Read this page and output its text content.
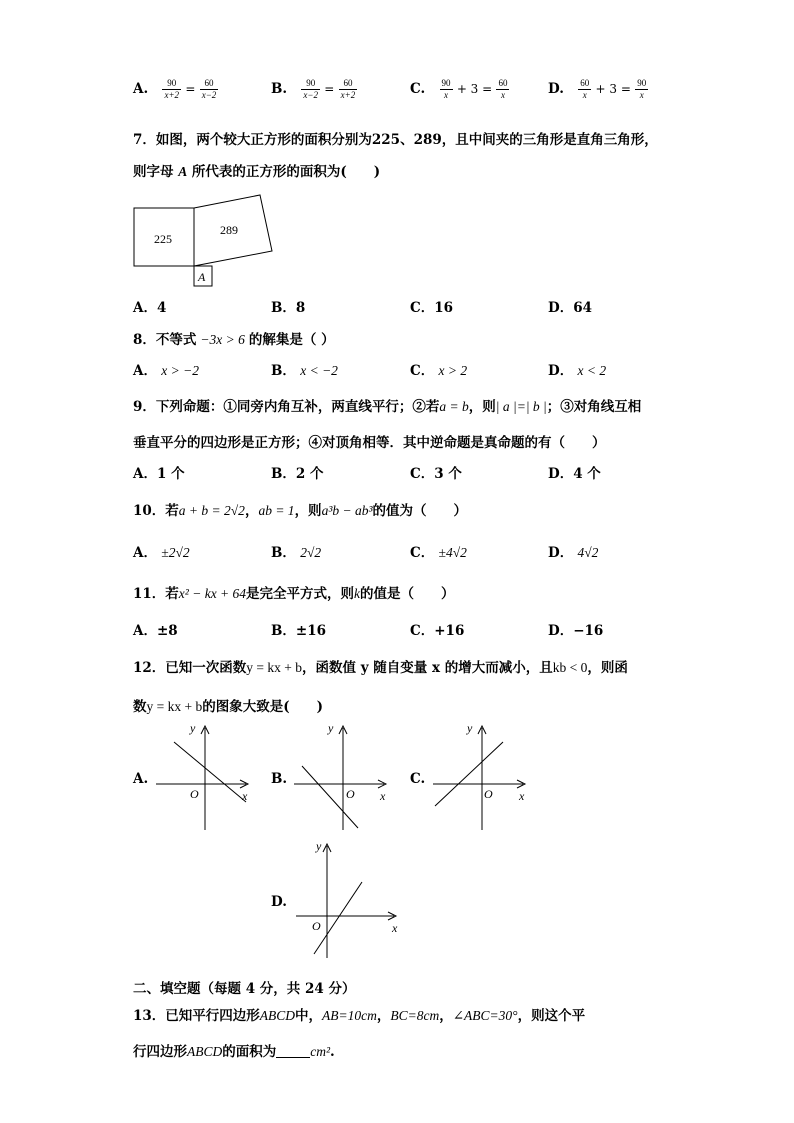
A. $\frac{90}{x+2} = \frac{60}{x-2}$	B. $\frac{90}{x-2} = \frac{60}{x+2}$	C. $\frac{90}{x} + 3 = \frac{60}{x}$	D. $\frac{60}{x} + 3 = \frac{90}{x}$
7．如图，两个较大正方形的面积分别为225、289，且中间夹的三角形是直角三角形，
则字母 A 所代表的正方形的面积为(　　)
225
289
A
A．4	B．8	C．16	D．64
8．不等式 −3x > 6 的解集是（ ）
A． x > −2	B． x < −2	C． x > 2	D． x < 2
9．下列命题：①同旁内角互补，两直线平行；②若a = b，则| a |=| b |；③对角线互相
垂直平分的四边形是正方形；④对顶角相等．其中逆命题是真命题的有（　　）
A．1 个	B．2 个	C．3 个	D．4 个
10．若a + b = 2√2，ab = 1，则a³b − ab³的值为（　　）
A． ±2√2	B． 2√2	C． ±4√2	D． 4√2
11．若x² − kx + 64是完全平方式，则k的值是（　　）
A．±8	B．±16	C．+16	D．−16
12．已知一次函数y = kx + b，函数值 y 随自变量 x 的增大而减小，且kb < 0，则函
数y = kx + b的图象大致是(　　)
A.
y
x
O
B.
y
x
O
C.
y
x
O
D.
y
x
O
二、填空题（每题 4 分，共 24 分）
13．已知平行四边形ABCD中，AB=10cm，BC=8cm，∠ABC=30°，则这个平
行四边形ABCD的面积为	cm².
